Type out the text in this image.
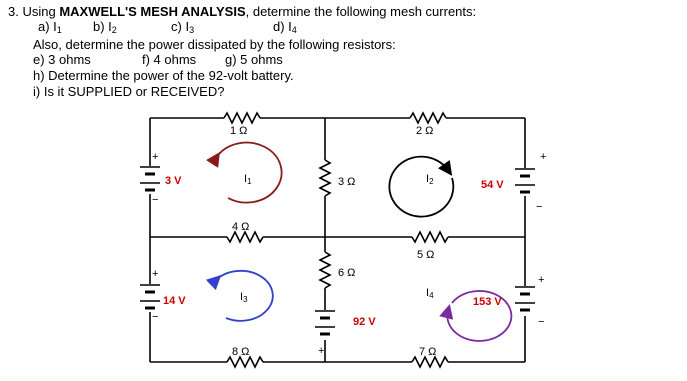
3. Using MAXWELL'S MESH ANALYSIS, determine the following mesh currents:
a) $I_1$ b) $I_2$	c) $I_3$	d) $I_4$
Also, determine the power dissipated by the following resistors:
e) 3 ohms	f) 4 ohms g) 5 ohms
h) Determine the power of the 92-volt battery.
i) Is it SUPPLIED or RECEIVED?
1 Ω	2 Ω
3 Ω
4 Ω
5 Ω
6 Ω
7 Ω
8 Ω
I1	I2
I3
I4
+
−
+
−
+
+
−
+
−
3 V
14 V
92 V
54 V
153 V
